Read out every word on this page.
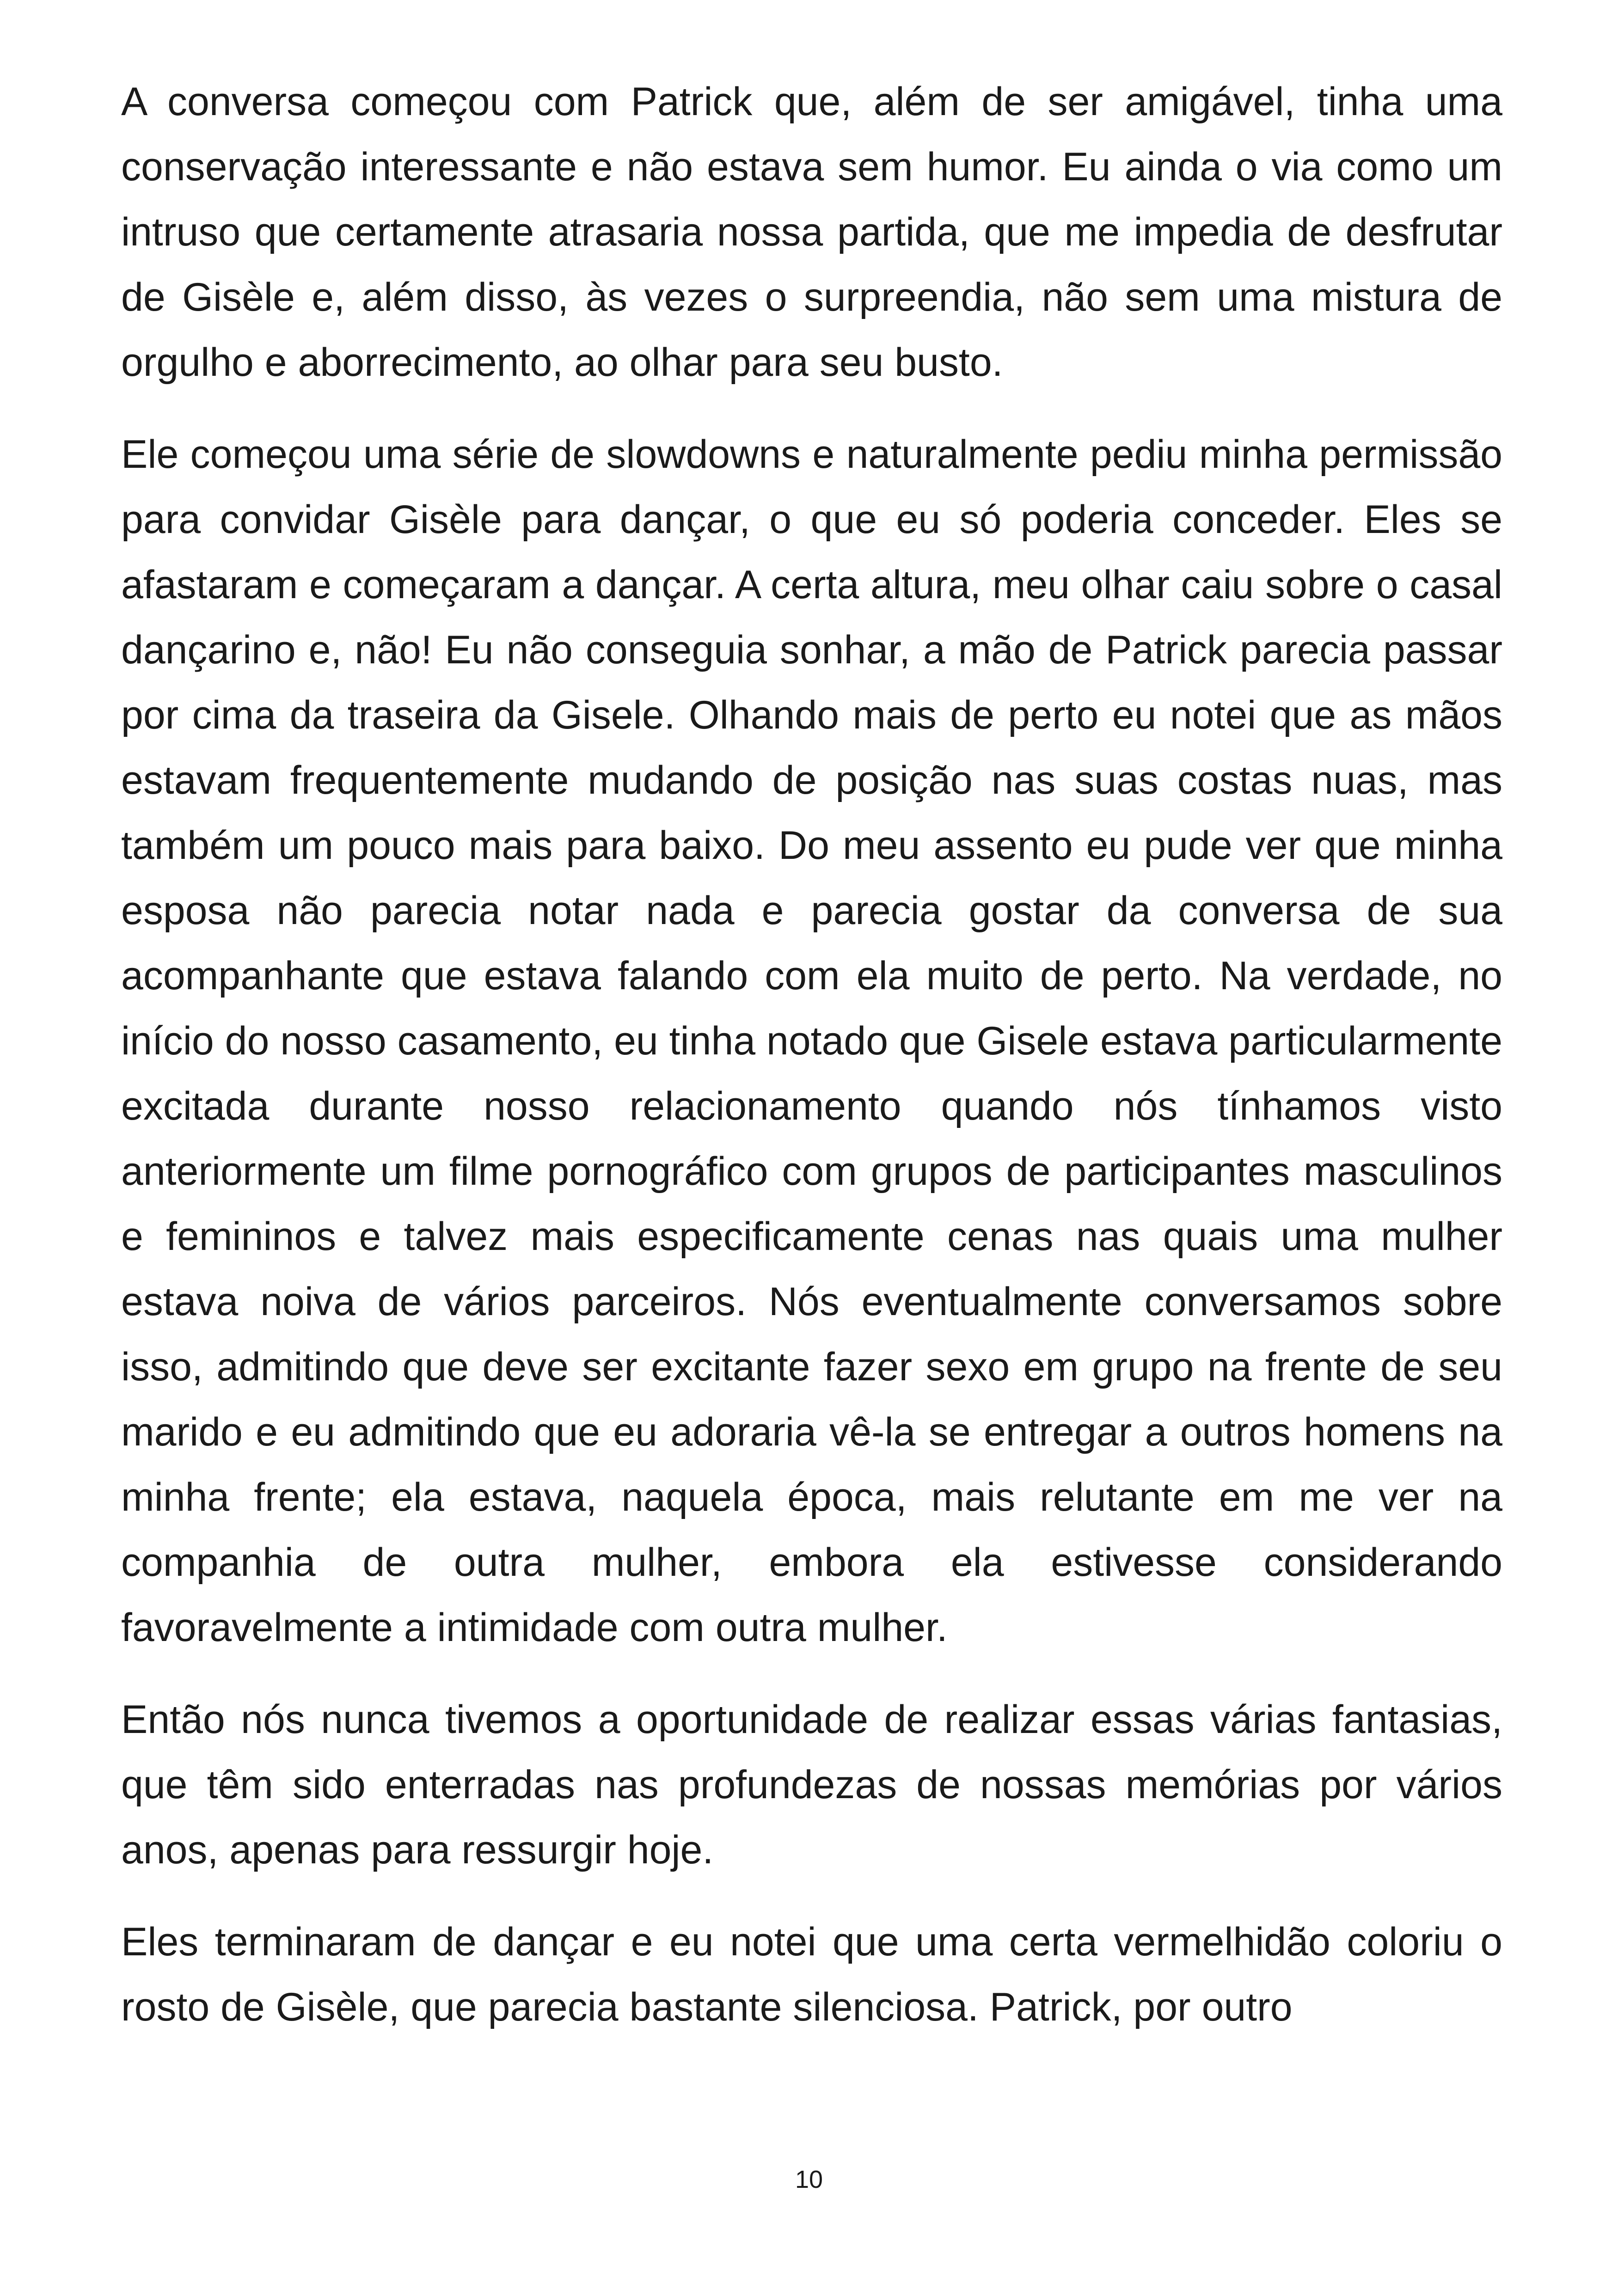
A conversa começou com Patrick que, além de ser amigável, tinha uma conservação interessante e não estava sem humor. Eu ainda o via como um intruso que certamente atrasaria nossa partida, que me impedia de desfrutar de Gisèle e, além disso, às vezes o surpreendia, não sem uma mistura de orgulho e aborrecimento, ao olhar para seu busto.

Ele começou uma série de slowdowns e naturalmente pediu minha permissão para convidar Gisèle para dançar, o que eu só poderia conceder. Eles se afastaram e começaram a dançar. A certa altura, meu olhar caiu sobre o casal dançarino e, não! Eu não conseguia sonhar, a mão de Patrick parecia passar por cima da traseira da Gisele. Olhando mais de perto eu notei que as mãos estavam frequentemente mudando de posição nas suas costas nuas, mas também um pouco mais para baixo. Do meu assento eu pude ver que minha esposa não parecia notar nada e parecia gostar da conversa de sua acompanhante que estava falando com ela muito de perto. Na verdade, no início do nosso casamento, eu tinha notado que Gisele estava particularmente excitada durante nosso relacionamento quando nós tínhamos visto anteriormente um filme pornográfico com grupos de participantes masculinos e femininos e talvez mais especificamente cenas nas quais uma mulher estava noiva de vários parceiros. Nós eventualmente conversamos sobre isso, admitindo que deve ser excitante fazer sexo em grupo na frente de seu marido e eu admitindo que eu adoraria vê-la se entregar a outros homens na minha frente; ela estava, naquela época, mais relutante em me ver na companhia de outra mulher, embora ela estivesse considerando favoravelmente a intimidade com outra mulher.

Então nós nunca tivemos a oportunidade de realizar essas várias fantasias, que têm sido enterradas nas profundezas de nossas memórias por vários anos, apenas para ressurgir hoje.

Eles terminaram de dançar e eu notei que uma certa vermelhidão coloriu o rosto de Gisèle, que parecia bastante silenciosa. Patrick, por outro

10
